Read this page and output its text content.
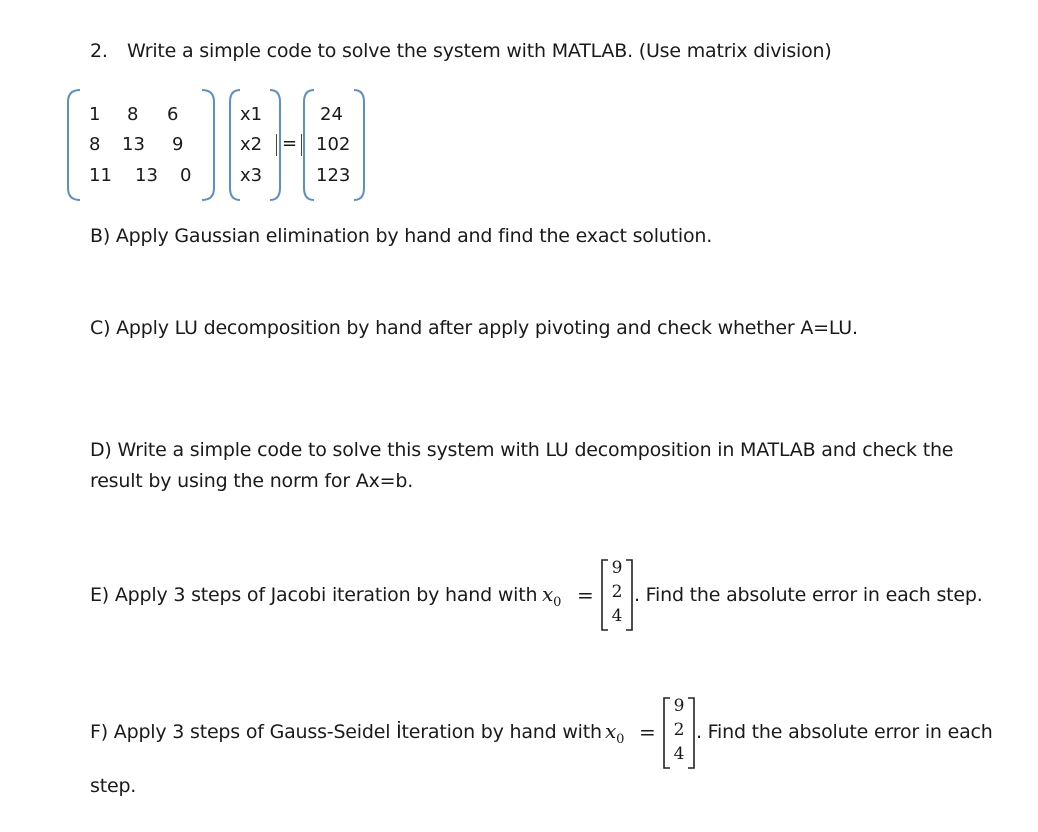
2. Write a simple code to solve the system with MATLAB. (Use matrix division)
1 8 6
8 13 9
11 13 0
x1
x2
x3
=
24
102
123
B) Apply Gaussian elimination by hand and find the exact solution.
C) Apply LU decomposition by hand after apply pivoting and check whether A=LU.
D) Write a simple code to solve this system with LU decomposition in MATLAB and check the
result by using the norm for Ax=b.
E) Apply 3 steps of Jacobi iteration by hand with $x_0$ =
9
2
4
. Find the absolute error in each step.
F) Apply 3 steps of Gauss-Seidel İteration by hand with $x_0$ =
9
2
4
. Find the absolute error in each
step.
